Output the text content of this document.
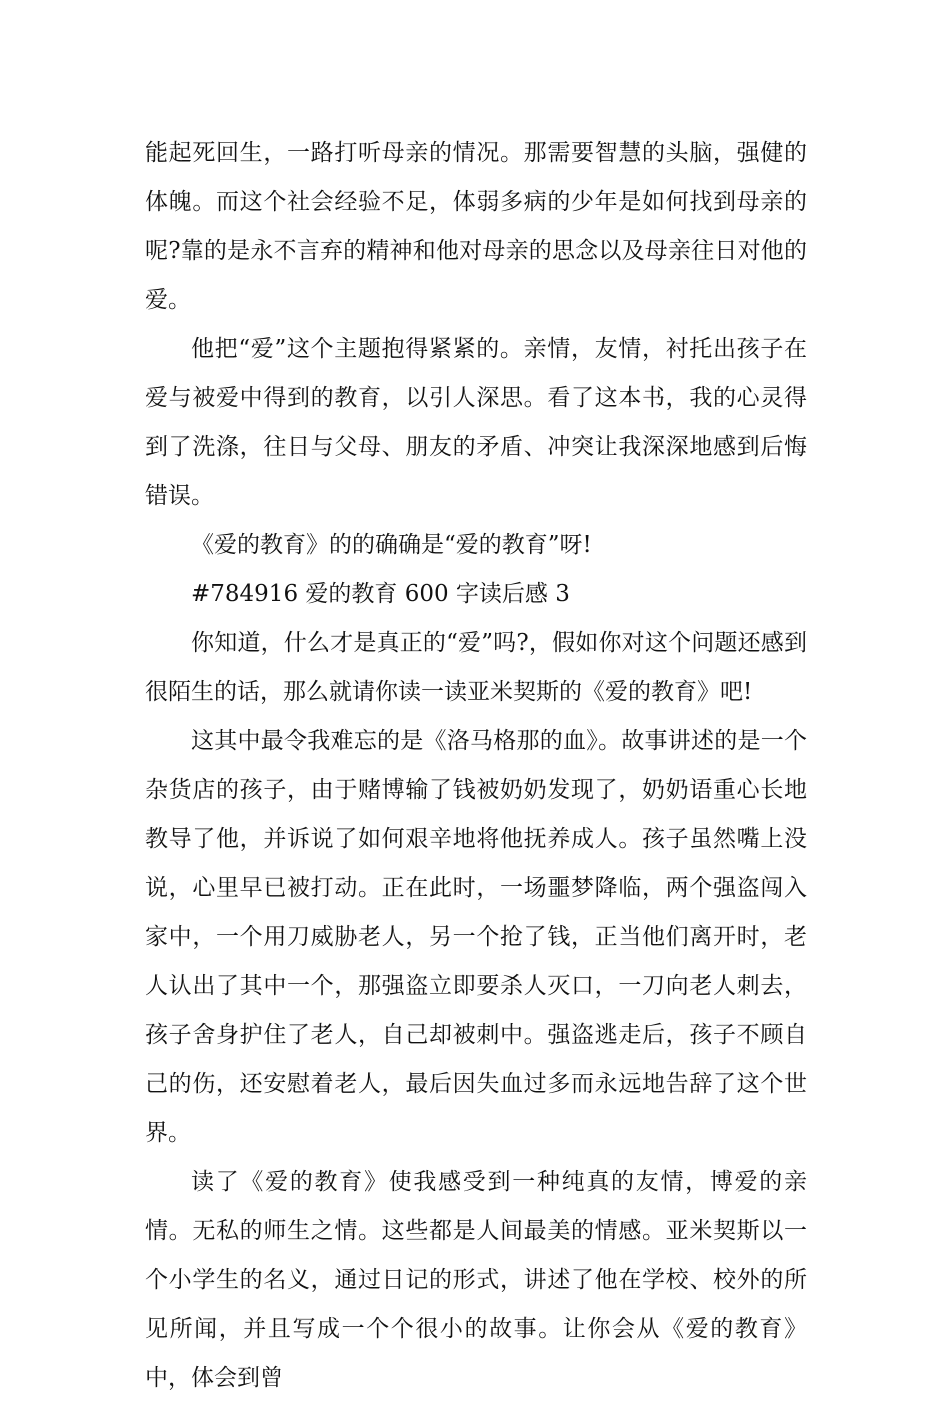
能起死回生，一路打听母亲的情况。那需要智慧的头脑，强健的体魄。而这个社会经验不足，体弱多病的少年是如何找到母亲的呢?靠的是永不言弃的精神和他对母亲的思念以及母亲往日对他的爱。

他把“爱”这个主题抱得紧紧的。亲情，友情，衬托出孩子在爱与被爱中得到的教育，以引人深思。看了这本书，我的心灵得到了洗涤，往日与父母、朋友的矛盾、冲突让我深深地感到后悔错误。

《爱的教育》的的确确是“爱的教育”呀!

#784916 爱的教育 600 字读后感 3

你知道，什么才是真正的“爱”吗?，假如你对这个问题还感到很陌生的话，那么就请你读一读亚米契斯的《爱的教育》吧!

这其中最令我难忘的是《洛马格那的血》。故事讲述的是一个杂货店的孩子，由于赌博输了钱被奶奶发现了，奶奶语重心长地教导了他，并诉说了如何艰辛地将他抚养成人。孩子虽然嘴上没说，心里早已被打动。正在此时，一场噩梦降临，两个强盗闯入家中，一个用刀威胁老人，另一个抢了钱，正当他们离开时，老人认出了其中一个，那强盗立即要杀人灭口，一刀向老人刺去，孩子舍身护住了老人，自己却被刺中。强盗逃走后，孩子不顾自己的伤，还安慰着老人，最后因失血过多而永远地告辞了这个世界。

读了《爱的教育》使我感受到一种纯真的友情，博爱的亲情。无私的师生之情。这些都是人间最美的情感。亚米契斯以一个小学生的名义，通过日记的形式，讲述了他在学校、校外的所见所闻，并且写成一个个很小的故事。让你会从《爱的教育》中，体会到曾
